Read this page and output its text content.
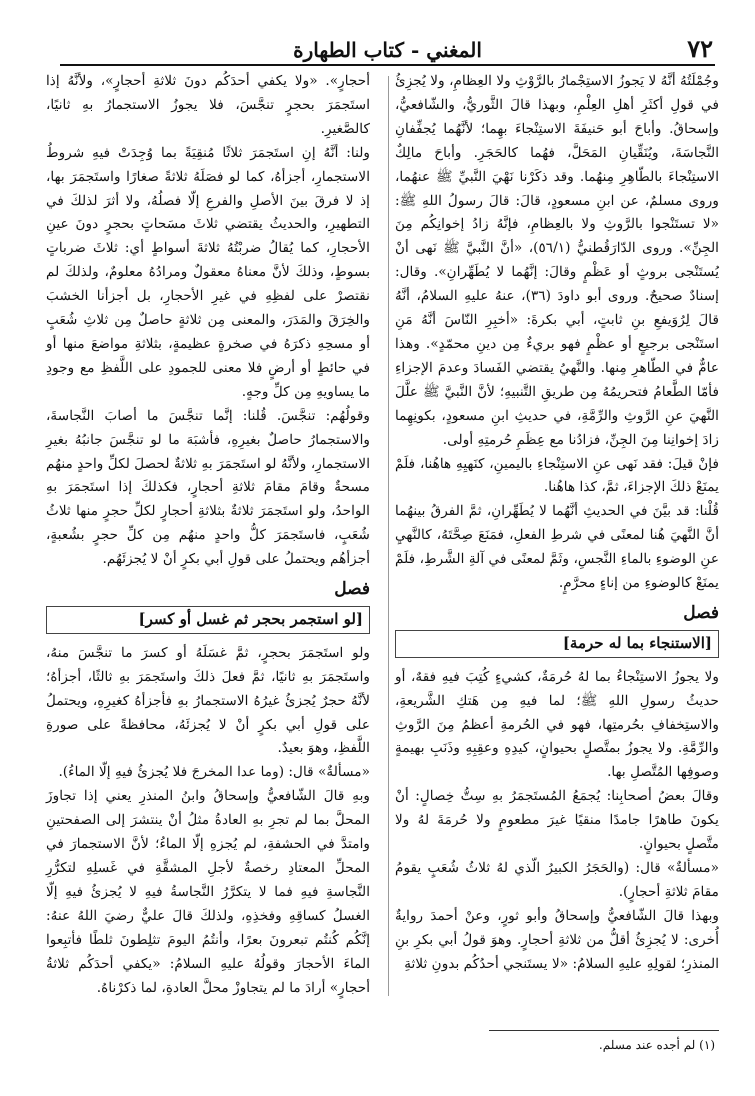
٧٢
المغني - كتاب الطهارة

وجُمْلَتُهُ أنَّهُ لا يَجوزُ الاستِجْمارُ بالرَّوْثِ ولا العِظامِ، ولا يُجزِئُ في قولِ أكثَرِ أهلِ العِلْمِ، وبهذا قالَ الثَّوريُّ، والشّافعيُّ، وإسحاقُ. وأباحَ أبو حَنيفَةَ الاستِنْجاءَ بهِما؛ لأنَّهُما يُجفِّفانِ النَّجاسَةَ، ويُنَقِّيانِ المَحَلَّ، فهُما كالحَجَرِ. وأباحَ مالِكٌ الاستِنْجاءَ بالطّاهِرِ مِنهُما. وقد ذكَرْنا نَهْيَ النَّبيِّ ﷺ عنهُما، وروى مسلمٌ، عن ابنِ مسعودٍ، قالَ: قالَ رسولُ اللهِ ﷺ: «لا تستَنْجوا بالرَّوثِ ولا بالعِظامِ، فإنَّهُ زادُ إخوانِكُم مِنَ الجِنِّ». وروى الدّارَقُطنيُّ (٥٦/١)، «أنَّ النَّبيَّ ﷺ نَهى أنْ يُستَنْجى بروثٍ أو عَظْمٍ وقالَ: إنَّهُما لا يُطَهِّرانِ». وقال: إسنادٌ صحيحٌ. وروى أبو داودَ (٣٦)، عنهُ عليهِ السلامُ، أنَّهُ قالَ لِرُوَيفعِ بنِ ثابتٍ، أبي بكرةَ: «أخبِرِ النّاسَ أنَّهُ مَنِ استَنْجى برجيعٍ أو عظْمٍ فهو بريءٌ مِن دينِ محمّدٍ». وهذا عامٌّ في الطّاهرِ مِنها. والنَّهيُ يقتضي الفَسادَ وعدمَ الإجزاءِ فأمّا الطَّعامُ فتحريمُهُ مِن طريقِ التَّنبيهِ؛ لأنَّ النَّبيَّ ﷺ علَّلَ النَّهيَ عنِ الرَّوثِ والرِّمَّةِ، في حديثِ ابنِ مسعودٍ، بكونِهِما زادَ إخوانِنا مِنَ الجِنِّ، فزادُنا مع عِظَمِ حُرمتِهِ أولى.

فإنْ قيلَ: فقد نَهى عنِ الاستِنْجاءِ باليمينِ، كنَهيِهِ هاهُنا، فلَمْ يمنَعْ ذلكَ الإجزاءَ، ثمَّ، كذا هاهُنا.

قُلْنا: قد بيَّنَ في الحديثِ أنَّهُما لا يُطَهِّرانِ، ثمَّ الفرقُ بينهُما أنَّ النَّهيَ هُنا لمعنًى في شرطِ الفعلِ، فمَنَعَ صِحَّتَهُ، كالنَّهيِ عنِ الوضوءِ بالماءِ النَّجسِ، وثَمَّ لمعنًى في آلةِ الشَّرطِ، فلَمْ يمنَعْ كالوضوءِ من إناءٍ محرَّمٍ.

فصل
[الاستنجاء بما له حرمة]

ولا يجوزُ الاستِنْجاءُ بما لهُ حُرمَةٌ، كشيءٍ كُتِبَ فيهِ فقهٌ، أو حديثُ رسولِ اللهِ ﷺ؛ لما فيهِ مِن هَتكِ الشَّريعةِ، والاستِخفافِ بحُرمتِها، فهو في الحُرمةِ أعظمُ مِنَ الرَّوثِ والرِّمَّةِ. ولا يجوزُ بمتَّصلٍ بحيوانٍ، كيدِهِ وعقِبِهِ وذَنَبِ بهيمةٍ وصوفِها المُتَّصلِ بها.

وقالَ بعضُ أصحابِنا: يُجمَعُ المُستَجمَرُ بهِ سِتُّ خِصالٍ: أنْ يكونَ طاهرًا جامدًا منقيًا غيرَ مطعومٍ ولا حُرمَةَ لهُ ولا متَّصلٍ بحيوانٍ.

«مسألةٌ» قال: (والحَجَرُ الكبيرُ الّذي لهُ ثلاثُ شُعَبٍ يقومُ مقامَ ثلاثةِ أحجارٍ).

وبهذا قالَ الشّافعيُّ وإسحاقُ وأبو ثورٍ، وعنْ أحمدَ روايةٌ أُخرى: لا يُجزِئُ أقلُّ من ثلاثةِ أحجارٍ. وهوَ قولُ أبي بكرِ بنِ المنذرِ؛ لقولِهِ عليهِ السلامُ: «لا يستَنجي أحدُكُم بدونِ ثلاثةِ

أحجارٍ». «ولا يكفي أحدَكُم دونَ ثلاثةِ أحجارٍ»، ولأنَّهُ إذا استَجمَرَ بحجرٍ تنجَّسَ، فلا يجوزُ الاستجمارُ بهِ ثانيًا، كالصَّغيرِ.

ولنا: أنَّهُ إنِ استَجمَرَ ثلاثًا مُنقِيَةً بما وُجِدَتْ فيهِ شروطُ الاستجمارِ، أجزأهُ، كما لو فصَلَهُ ثلاثةً صغارًا واستَجمَرَ بها، إذ لا فرقَ بينَ الأصلِ والفرعِ إلّا فصلُهُ، ولا أثرَ لذلكَ في التطهيرِ، والحديثُ يقتضي ثلاثَ مسَحاتٍ بحجرٍ دونَ عينِ الأحجارِ، كما يُقالُ ضربْتُهُ ثلاثةَ أسواطٍ أي: ثلاثَ ضرباتٍ بسوطٍ، وذلكَ لأنَّ معناهُ معقولٌ ومرادُهُ معلومٌ، ولذلكَ لم نقتصرْ على لفظِهِ في غيرِ الأحجارِ، بل أجزأنا الخشبَ والخِرَقَ والمَدَرَ، والمعنى مِن ثلاثةٍ حاصلٌ مِن ثلاثِ شُعَبٍ أو مسحِهِ ذكرَهُ في صخرةٍ عظيمةٍ، بثلاثةِ مواضعَ منها أو في حائطٍ أو أرضٍ فلا معنى للجمودِ على اللَّفظِ مع وجودِ ما يساويهِ مِن كلِّ وجهٍ.

وقولُهُم: تنجَّسَ. قُلنا: إنَّما تنجَّسَ ما أصابَ النَّجاسةَ، والاستجمارُ حاصلٌ بغيرِهِ، فأشبَهَ ما لو تنجَّسَ جانبُهُ بغيرِ الاستجمارِ، ولأنَّهُ لو استَجمَرَ بهِ ثلاثةٌ لحصلَ لكلِّ واحدٍ منهُم مسحةٌ وقامَ مقامَ ثلاثةِ أحجارٍ، فكذلكَ إذا استَجمَرَ بهِ الواحدُ، ولو استَجمَرَ ثلاثةٌ بثلاثةِ أحجارٍ لكلِّ حجرٍ منها ثلاثُ شُعَبٍ، فاستَجمَرَ كلُّ واحدٍ منهُم مِن كلِّ حجرٍ بشُعبةٍ، أجزأهُم ويحتملُ على قولِ أبي بكرٍ أنْ لا يُجزئَهُم.

فصل
[لو استجمر بحجر ثم غسل أو كسر]

ولو استَجمَرَ بحجرٍ، ثمَّ غسَلَهُ أو كسرَ ما تنجَّسَ منهُ، واستَجمَرَ بهِ ثانيًا، ثمَّ فعلَ ذلكَ واستَجمَرَ بهِ ثالثًا، أجزأهُ؛ لأنَّهُ حجرٌ يُجزئُ غيرُهُ الاستجمارُ بهِ فأجزأهُ كغيرِهِ، ويحتملُ على قولِ أبي بكرٍ أنْ لا يُجزئَهُ، محافظةً على صورةِ اللَّفظِ، وهوَ بعيدٌ.

«مسألةٌ» قال: (وما عدا المخرجَ فلا يُجزئُ فيهِ إلّا الماءُ).

وبهِ قالَ الشّافعيُّ وإسحاقُ وابنُ المنذرِ يعني إذا تجاوزَ المحلَّ بما لم تجرِ بهِ العادةُ مثلُ أنْ ينتشرَ إلى الصفحتينِ وامتدَّ في الحشفةِ، لم يُجزهِ إلّا الماءُ؛ لأنَّ الاستجمارَ في المحلِّ المعتادِ رخصةٌ لأجلِ المشقَّةِ في غَسلِهِ لتكرُّرِ النَّجاسةِ فيهِ فما لا يتكرَّرُ النَّجاسةُ فيهِ لا يُجزئُ فيهِ إلّا الغسلُ كساقِهِ وفخذِهِ، ولذلكَ قالَ عليٌّ رضيَ اللهُ عنهُ: إنَّكُم كُنتُم تبعرونَ بعرًا، وأنتُمُ اليومَ تثلِطونَ ثلطًا فأتبِعوا الماءَ الأحجارَ وقولُهُ عليهِ السلامُ: «يكفي أحدَكُم ثلاثةُ أحجارٍ» أرادَ ما لم يتجاوزْ محلَّ العادةِ، لما ذكرْناهُ.

(١) لم أجده عند مسلم.
